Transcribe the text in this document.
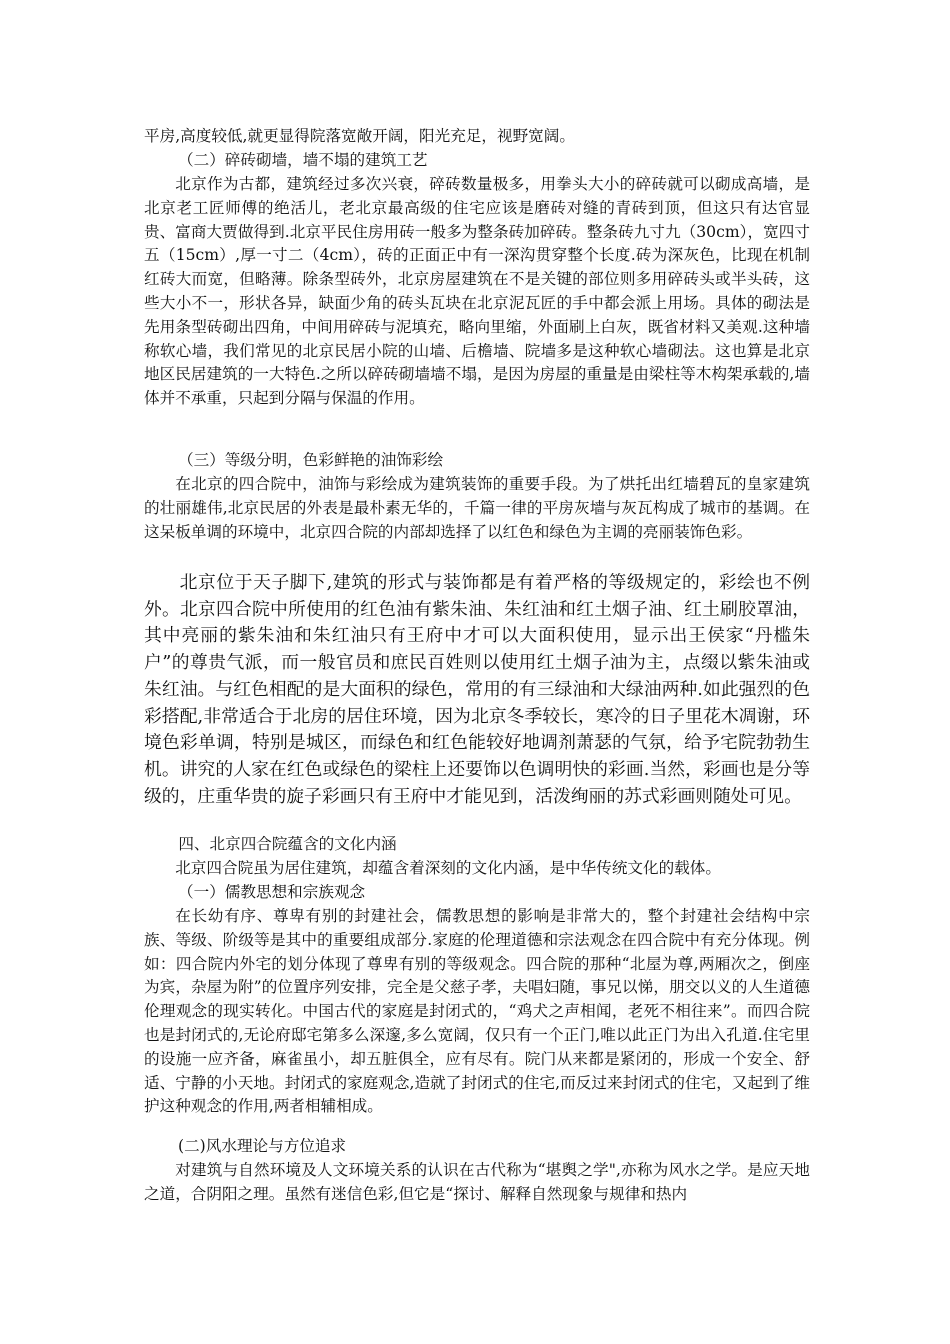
平房,高度较低,就更显得院落宽敞开阔，阳光充足，视野宽阔。

（二）碎砖砌墙，墙不塌的建筑工艺

北京作为古都，建筑经过多次兴衰，碎砖数量极多，用拳头大小的碎砖就可以砌成高墙，是北京老工匠师傅的绝活儿，老北京最高级的住宅应该是磨砖对缝的青砖到顶，但这只有达官显贵、富商大贾做得到.北京平民住房用砖一般多为整条砖加碎砖。整条砖九寸九（30cm），宽四寸五（15cm）,厚一寸二（4cm），砖的正面正中有一深沟贯穿整个长度.砖为深灰色，比现在机制红砖大而宽，但略薄。除条型砖外，北京房屋建筑在不是关键的部位则多用碎砖头或半头砖，这些大小不一，形状各异，缺面少角的砖头瓦块在北京泥瓦匠的手中都会派上用场。具体的砌法是先用条型砖砌出四角，中间用碎砖与泥填充，略向里缩，外面刷上白灰，既省材料又美观.这种墙称软心墙，我们常见的北京民居小院的山墙、后檐墙、院墙多是这种软心墙砌法。这也算是北京地区民居建筑的一大特色.之所以碎砖砌墙墙不塌，是因为房屋的重量是由梁柱等木构架承载的,墙体并不承重，只起到分隔与保温的作用。

（三）等级分明，色彩鲜艳的油饰彩绘

在北京的四合院中，油饰与彩绘成为建筑装饰的重要手段。为了烘托出红墙碧瓦的皇家建筑的壮丽雄伟,北京民居的外表是最朴素无华的，千篇一律的平房灰墙与灰瓦构成了城市的基调。在这呆板单调的环境中，北京四合院的内部却选择了以红色和绿色为主调的亮丽装饰色彩。

北京位于天子脚下,建筑的形式与装饰都是有着严格的等级规定的，彩绘也不例外。北京四合院中所使用的红色油有紫朱油、朱红油和红土烟子油、红土刷胶罩油，其中亮丽的紫朱油和朱红油只有王府中才可以大面积使用，显示出王侯家“丹槛朱户”的尊贵气派，而一般官员和庶民百姓则以使用红土烟子油为主，点缀以紫朱油或朱红油。与红色相配的是大面积的绿色，常用的有三绿油和大绿油两种.如此强烈的色彩搭配,非常适合于北房的居住环境，因为北京冬季较长，寒冷的日子里花木凋谢，环境色彩单调，特别是城区，而绿色和红色能较好地调剂萧瑟的气氛，给予宅院勃勃生机。讲究的人家在红色或绿色的梁柱上还要饰以色调明快的彩画.当然，彩画也是分等级的，庄重华贵的旋子彩画只有王府中才能见到，活泼绚丽的苏式彩画则随处可见。

四、北京四合院蕴含的文化内涵

北京四合院虽为居住建筑，却蕴含着深刻的文化内涵，是中华传统文化的载体。

（一）儒教思想和宗族观念

在长幼有序、尊卑有别的封建社会，儒教思想的影响是非常大的，整个封建社会结构中宗族、等级、阶级等是其中的重要组成部分.家庭的伦理道德和宗法观念在四合院中有充分体现。例如：四合院内外宅的划分体现了尊卑有别的等级观念。四合院的那种“北屋为尊,两厢次之，倒座为宾，杂屋为附”的位置序列安排，完全是父慈子孝，夫唱妇随，事兄以悌，朋交以义的人生道德伦理观念的现实转化。中国古代的家庭是封闭式的，“鸡犬之声相闻，老死不相往来”。而四合院也是封闭式的,无论府邸宅第多么深邃,多么宽阔，仅只有一个正门,唯以此正门为出入孔道.住宅里的设施一应齐备，麻雀虽小，却五脏俱全，应有尽有。院门从来都是紧闭的，形成一个安全、舒适、宁静的小天地。封闭式的家庭观念,造就了封闭式的住宅,而反过来封闭式的住宅，又起到了维护这种观念的作用,两者相辅相成。

(二)风水理论与方位追求

对建筑与自然环境及人文环境关系的认识在古代称为“堪舆之学",亦称为风水之学。是应天地之道，合阴阳之理。虽然有迷信色彩,但它是“探讨、解释自然现象与规律和热内
